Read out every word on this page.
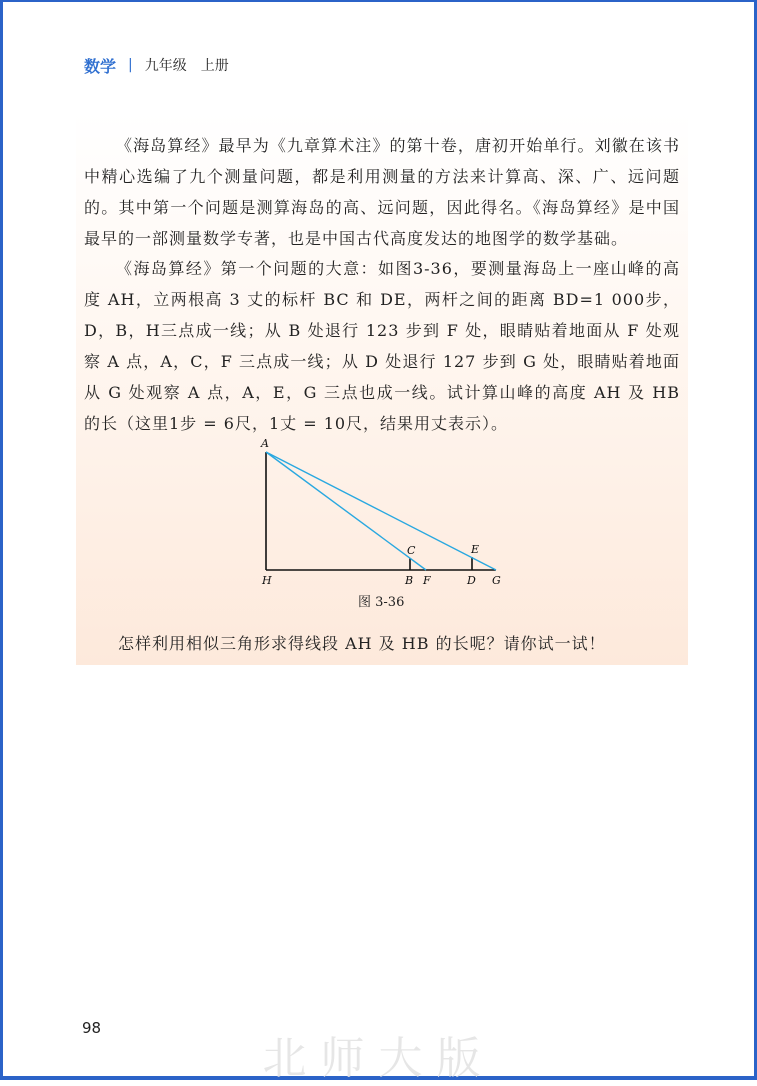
数学 | 九年级　上册

《海岛算经》最早为《九章算术注》的第十卷，唐初开始单行。刘徽在该书中精心选编了九个测量问题，都是利用测量的方法来计算高、深、广、远问题的。其中第一个问题是测算海岛的高、远问题，因此得名。《海岛算经》是中国最早的一部测量数学专著，也是中国古代高度发达的地图学的数学基础。

《海岛算经》第一个问题的大意：如图3-36，要测量海岛上一座山峰的高度 AH，立两根高 3 丈的标杆 BC 和 DE，两杆之间的距离 BD=1 000步，D，B，H三点成一线；从 B 处退行 123 步到 F 处，眼睛贴着地面从 F 处观察 A 点，A，C，F 三点成一线；从 D 处退行 127 步到 G 处，眼睛贴着地面从 G 处观察 A 点，A，E，G 三点也成一线。试计算山峰的高度 AH 及 HB 的长（这里1步 = 6尺，1丈 = 10尺，结果用丈表示）。

A
H	B
C
F	D
E
G
图 3-36

怎样利用相似三角形求得线段 AH 及 HB 的长呢？请你试一试！

98
北师大版
